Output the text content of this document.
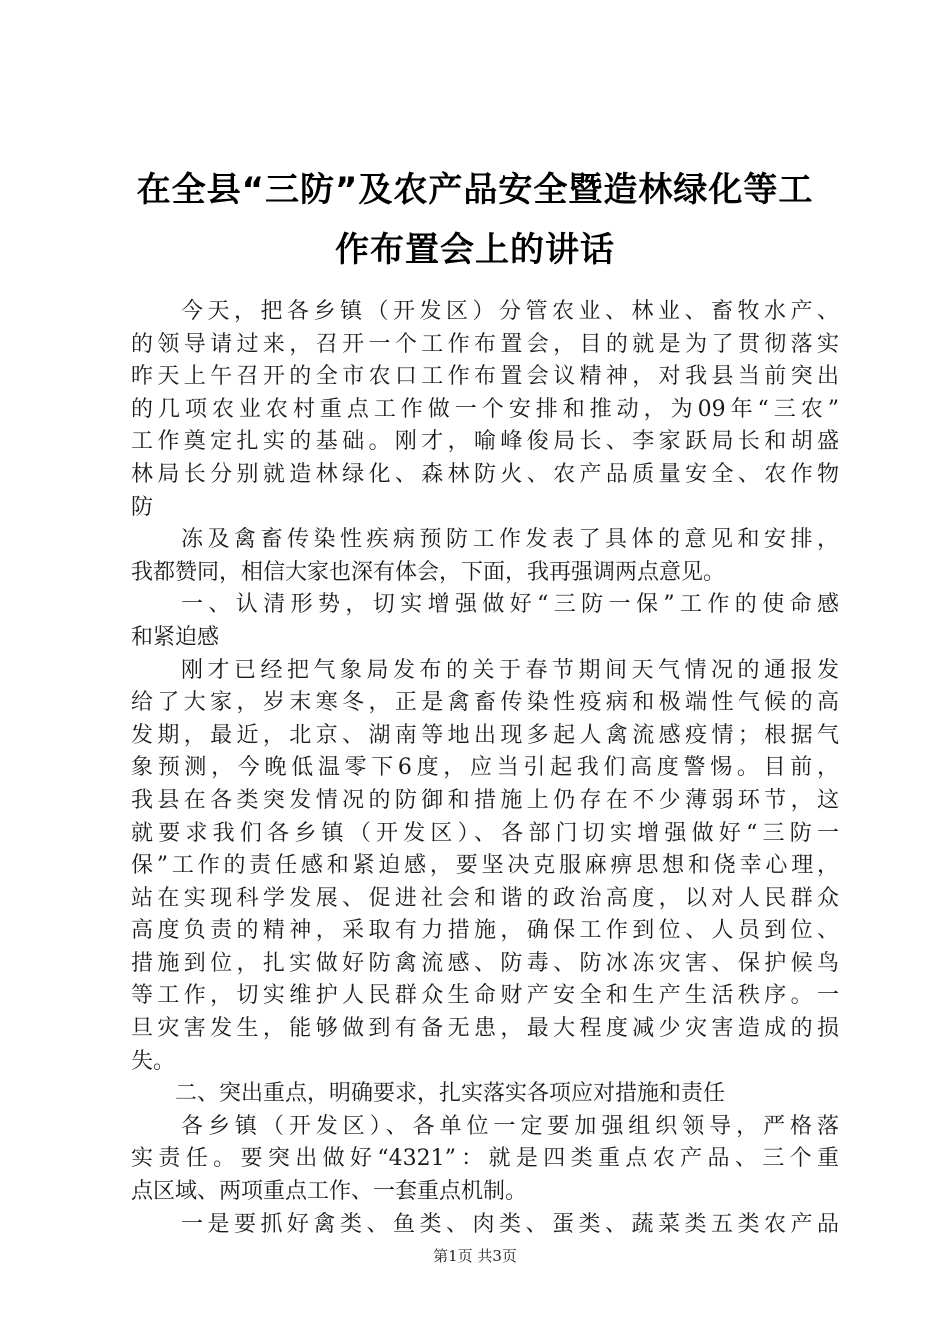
在全县“三防”及农产品安全暨造林绿化等工
作布置会上的讲话
今天，把各乡镇（开发区）分管农业、林业、畜牧水产、
的领导请过来，召开一个工作布置会，目的就是为了贯彻落实
昨天上午召开的全市农口工作布置会议精神，对我县当前突出
的几项农业农村重点工作做一个安排和推动，为09年“三农”
工作奠定扎实的基础。刚才，喻峰俊局长、李家跃局长和胡盛
林局长分别就造林绿化、森林防火、农产品质量安全、农作物
防
冻及禽畜传染性疾病预防工作发表了具体的意见和安排，
我都赞同，相信大家也深有体会，下面，我再强调两点意见。
一、认清形势，切实增强做好“三防一保”工作的使命感
和紧迫感
刚才已经把气象局发布的关于春节期间天气情况的通报发
给了大家，岁末寒冬，正是禽畜传染性疫病和极端性气候的高
发期，最近，北京、湖南等地出现多起人禽流感疫情；根据气
象预测，今晚低温零下6度，应当引起我们高度警惕。目前，
我县在各类突发情况的防御和措施上仍存在不少薄弱环节，这
就要求我们各乡镇（开发区）、各部门切实增强做好“三防一
保”工作的责任感和紧迫感，要坚决克服麻痹思想和侥幸心理，
站在实现科学发展、促进社会和谐的政治高度，以对人民群众
高度负责的精神，采取有力措施，确保工作到位、人员到位、
措施到位，扎实做好防禽流感、防毒、防冰冻灾害、保护候鸟
等工作，切实维护人民群众生命财产安全和生产生活秩序。一
旦灾害发生，能够做到有备无患，最大程度减少灾害造成的损
失。
二、突出重点，明确要求，扎实落实各项应对措施和责任
各乡镇（开发区）、各单位一定要加强组织领导，严格落
实责任。要突出做好“4321”：就是四类重点农产品、三个重
点区域、两项重点工作、一套重点机制。
一是要抓好禽类、鱼类、肉类、蛋类、蔬菜类五类农产品
第1页 共3页
